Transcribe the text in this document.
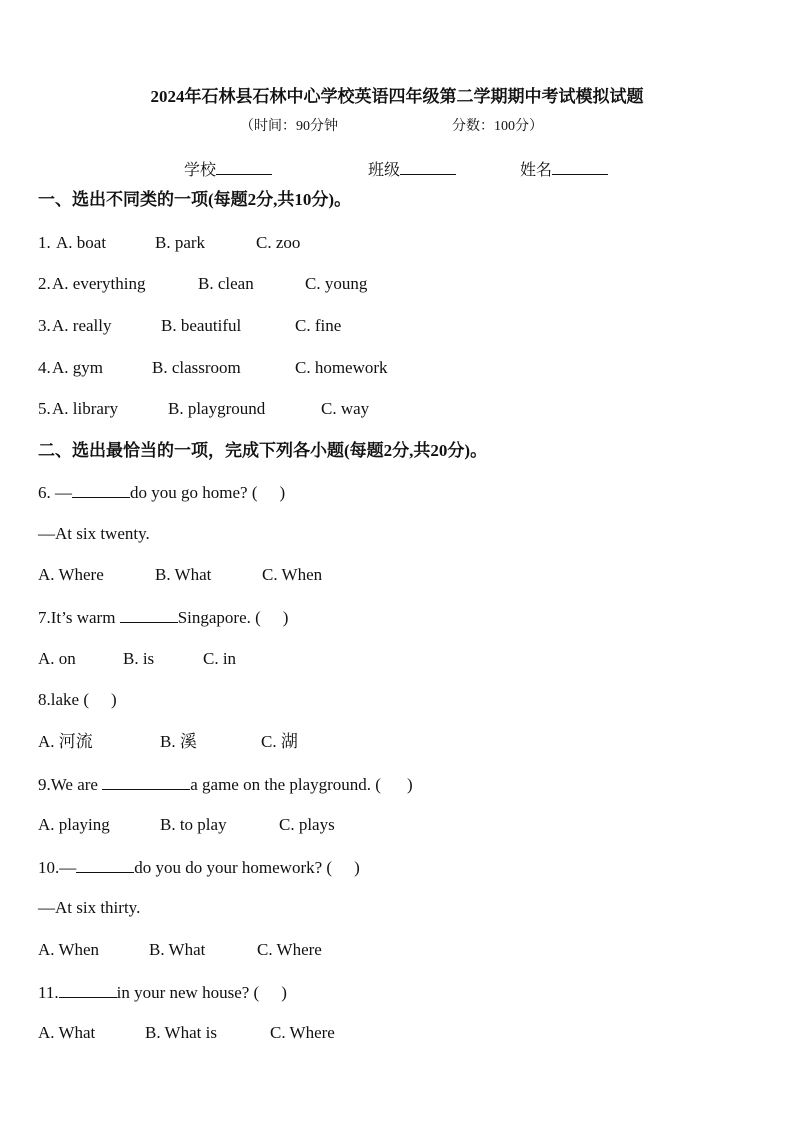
2024年石林县石林中心学校英语四年级第二学期期中考试模拟试题
（时间：90分钟	分数：100分）
学校	班级	姓名
一、选出不同类的一项(每题2分,共10分)。
1. A. boat	B. park	C. zoo
2. A. everything	B. clean	C. young
3. A. really	B. beautiful	C. fine
4. A. gym	B. classroom	C. homework
5. A. library	B. playground	C. way
二、选出最恰当的一项，完成下列各小题(每题2分,共20分)。
6. —	do you go home? ( )
—At six twenty.
A. Where	B. What	C. When
7.It’s warm	Singapore. ( )
A. on	B. is	C. in
8.lake ( )
A. 河流	B. 溪	C. 湖
9.We are	a game on the playground. ( )
A. playing	B. to play	C. plays
10.—	do you do your homework? ( )
—At six thirty.
A. When	B. What	C. Where
11.	in your new house? ( )
A. What	B. What is	C. Where
